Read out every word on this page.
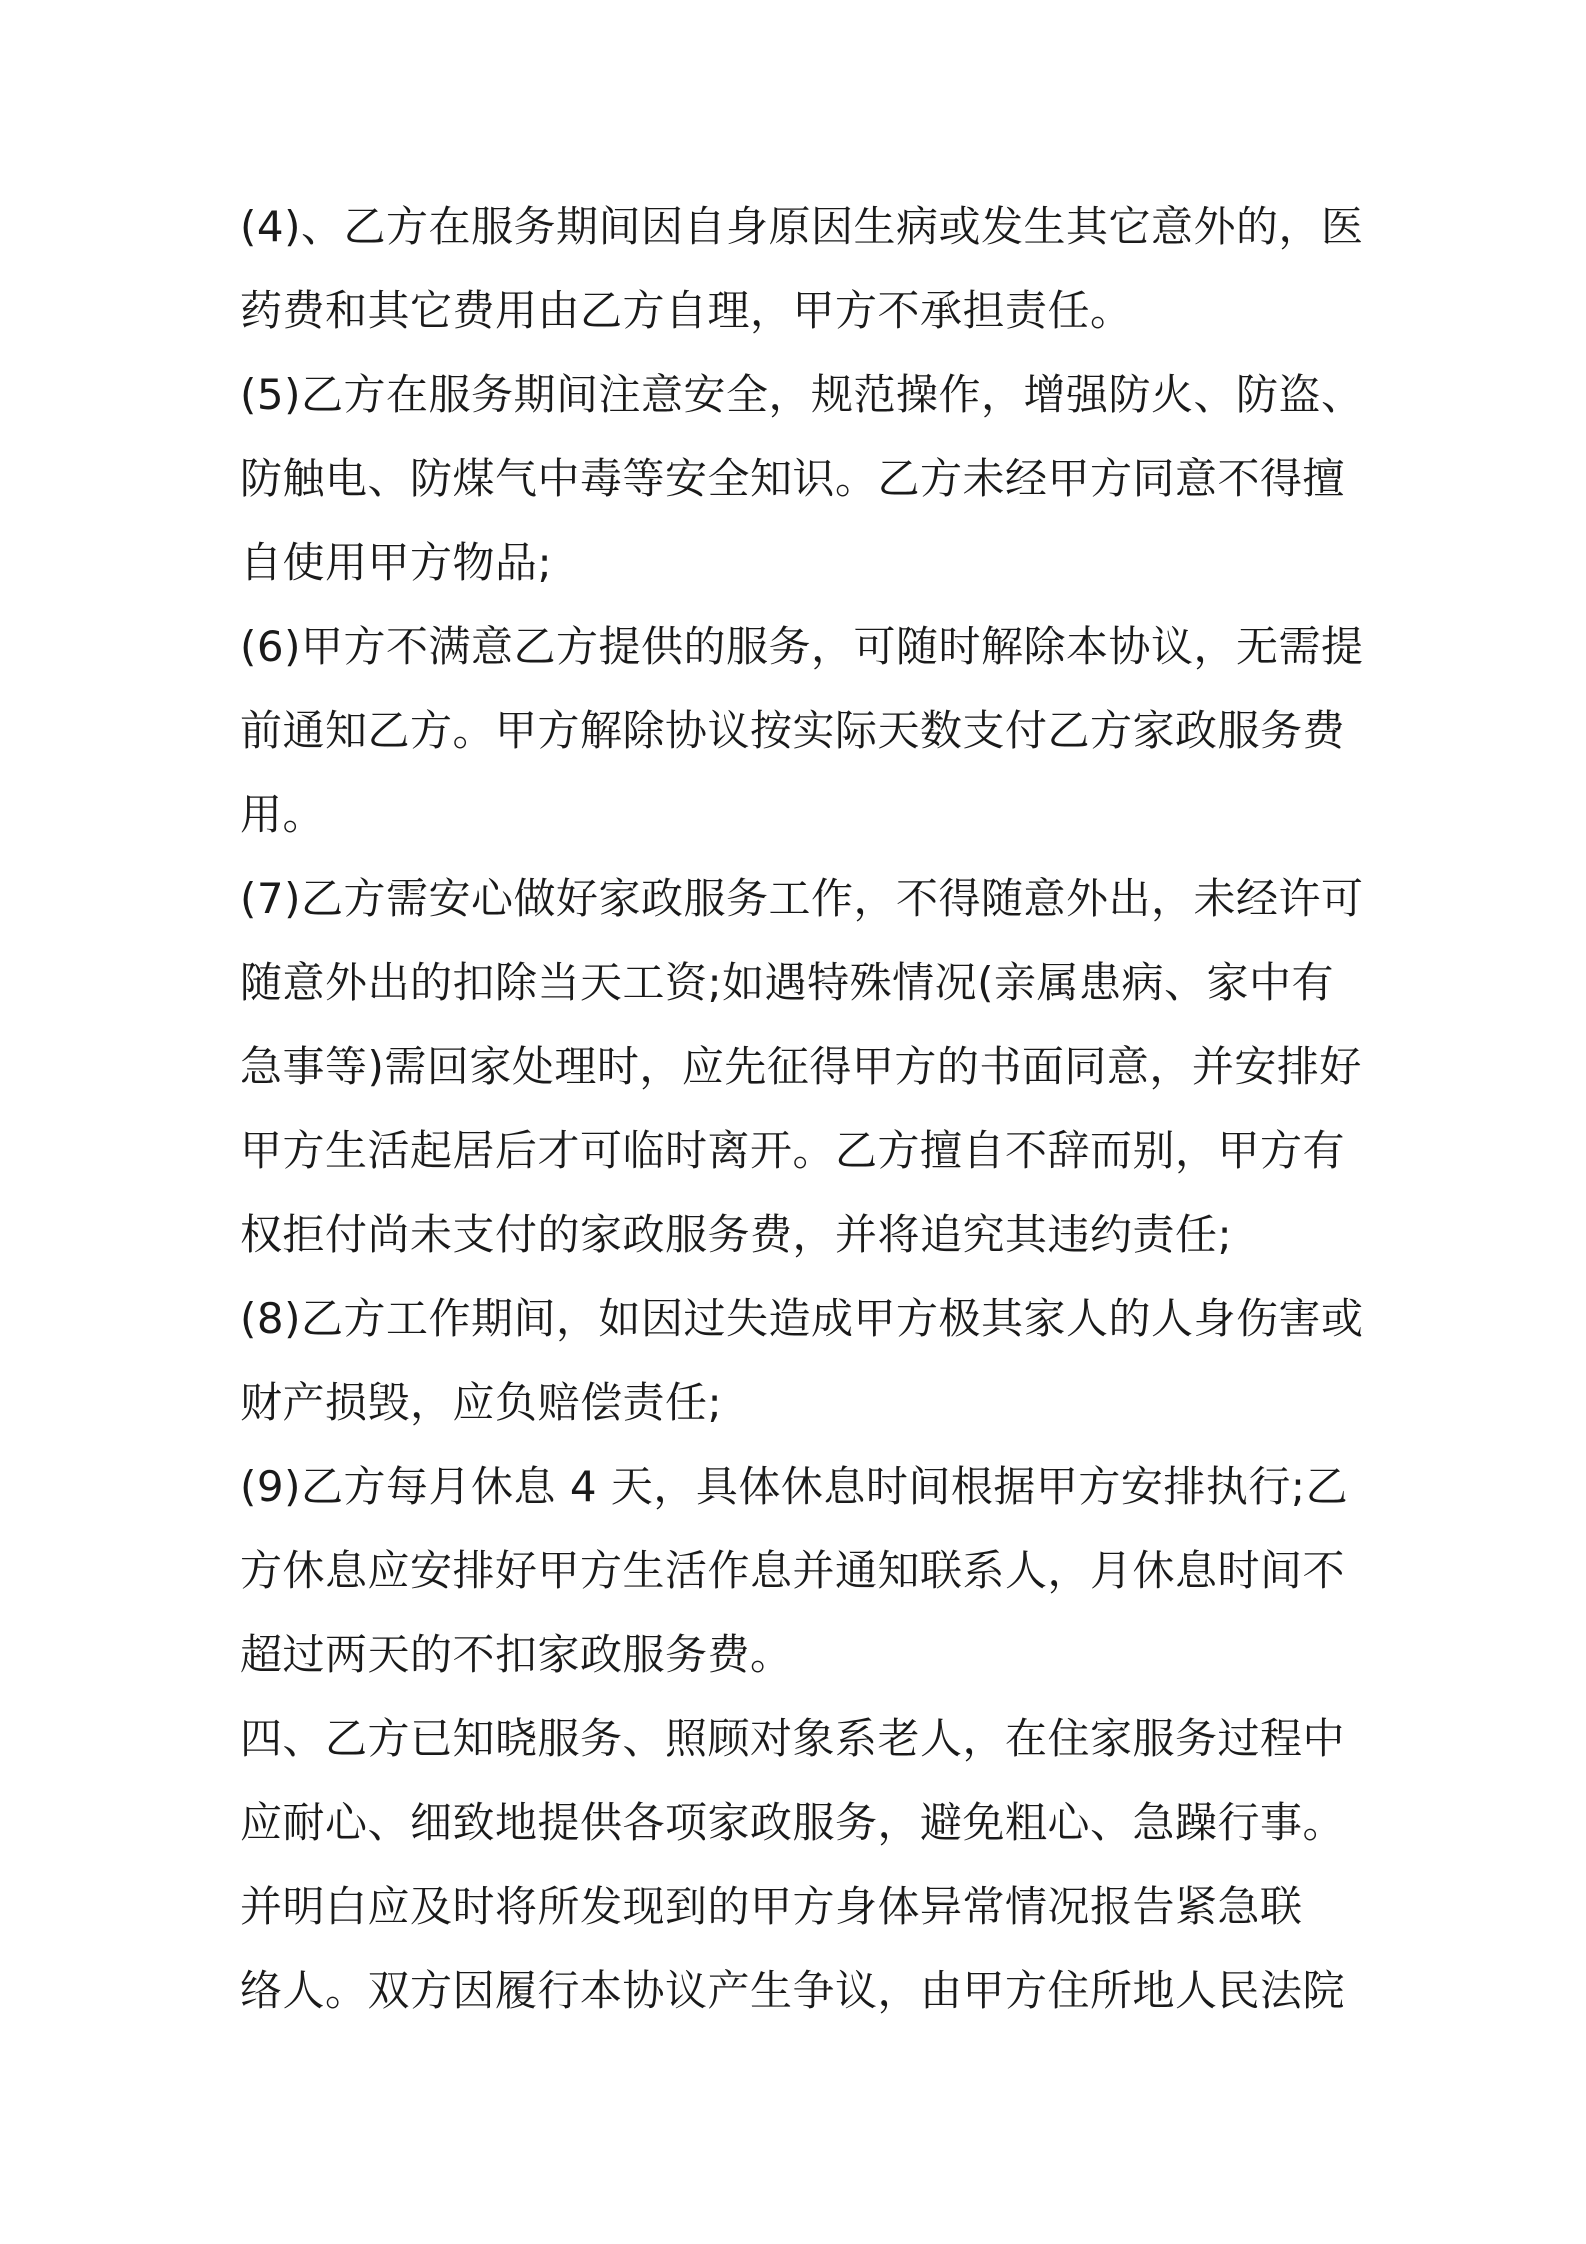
(4)、乙方在服务期间因自身原因生病或发生其它意外的，医
药费和其它费用由乙方自理，甲方不承担责任。
(5)乙方在服务期间注意安全，规范操作，增强防火、防盗、
防触电、防煤气中毒等安全知识。乙方未经甲方同意不得擅
自使用甲方物品;
(6)甲方不满意乙方提供的服务，可随时解除本协议，无需提
前通知乙方。甲方解除协议按实际天数支付乙方家政服务费
用。
(7)乙方需安心做好家政服务工作，不得随意外出，未经许可
随意外出的扣除当天工资;如遇特殊情况(亲属患病、家中有
急事等)需回家处理时，应先征得甲方的书面同意，并安排好
甲方生活起居后才可临时离开。乙方擅自不辞而别，甲方有
权拒付尚未支付的家政服务费，并将追究其违约责任;
(8)乙方工作期间，如因过失造成甲方极其家人的人身伤害或
财产损毁，应负赔偿责任;
(9)乙方每月休息 4 天，具体休息时间根据甲方安排执行;乙
方休息应安排好甲方生活作息并通知联系人，月休息时间不
超过两天的不扣家政服务费。
四、乙方已知晓服务、照顾对象系老人，在住家服务过程中
应耐心、细致地提供各项家政服务，避免粗心、急躁行事。
并明白应及时将所发现到的甲方身体异常情况报告紧急联
络人。双方因履行本协议产生争议，由甲方住所地人民法院
